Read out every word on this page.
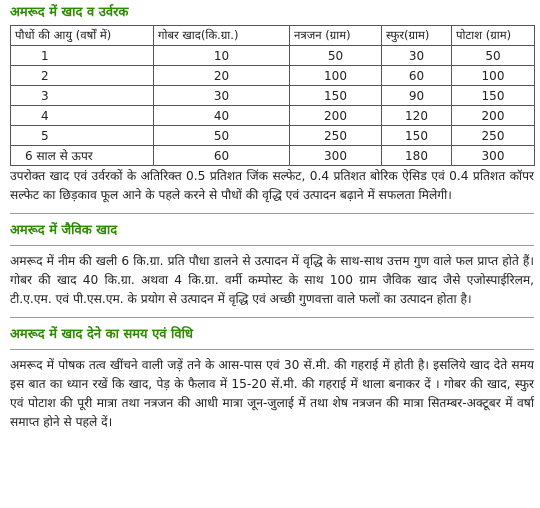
अमरूद में खाद व उर्वरक
पौधों की आयु (वर्षों में)	गोबर खाद(कि.ग्रा.)	नत्रजन (ग्राम)	स्फुर(ग्राम)	पोटाश (ग्राम)
1	10	50	30	50
2	20	100	60	100
3	30	150	90	150
4	40	200	120	200
5	50	250	150	250
6 साल से ऊपर	60	300	180	300

उपरोक्त खाद एवं उर्वरकों के अतिरिक्त 0.5 प्रतिशत जिंक सल्फेट, 0.4 प्रतिशत बोरिक ऐसिड एवं 0.4 प्रतिशत कॉपर सल्फेट का छिड़काव फूल आने के पहले करने से पौधों की वृद्धि एवं उत्पादन बढ़ाने में सफलता मिलेगी।

अमरूद में जैविक खाद

अमरूद में नीम की खली 6 कि.ग्रा. प्रति पौधा डालने से उत्पादन में वृद्धि के साथ-साथ उत्तम गुण वाले फल प्राप्त होते हैं। गोबर की खाद 40 कि.ग्रा. अथवा 4 कि.ग्रा. वर्मी कम्पोस्ट के साथ 100 ग्राम जैविक खाद जैसे एजोस्पाईरिलम, टी.ए.एम. एवं पी.एस.एम. के प्रयोग से उत्पादन में वृद्धि एवं अच्छी गुणवत्ता वाले फलों का उत्पादन होता है।

अमरूद में खाद देने का समय एवं विधि

अमरूद में पोषक तत्व खींचने वाली जड़ें तने के आस-पास एवं 30 सें.मी. की गहराई में होती है। इसलिये खाद देते समय इस बात का ध्यान रखें कि खाद, पेड़ के फैलाव में 15-20 सें.मी. की गहराई में थाला बनाकर दें । गोबर की खाद, स्फुर एवं पोटाश की पूरी मात्रा तथा नत्रजन की आधी मात्रा जून-जुलाई में तथा शेष नत्रजन की मात्रा सितम्बर-अक्टूबर में वर्षा समाप्त होने से पहले दें।
